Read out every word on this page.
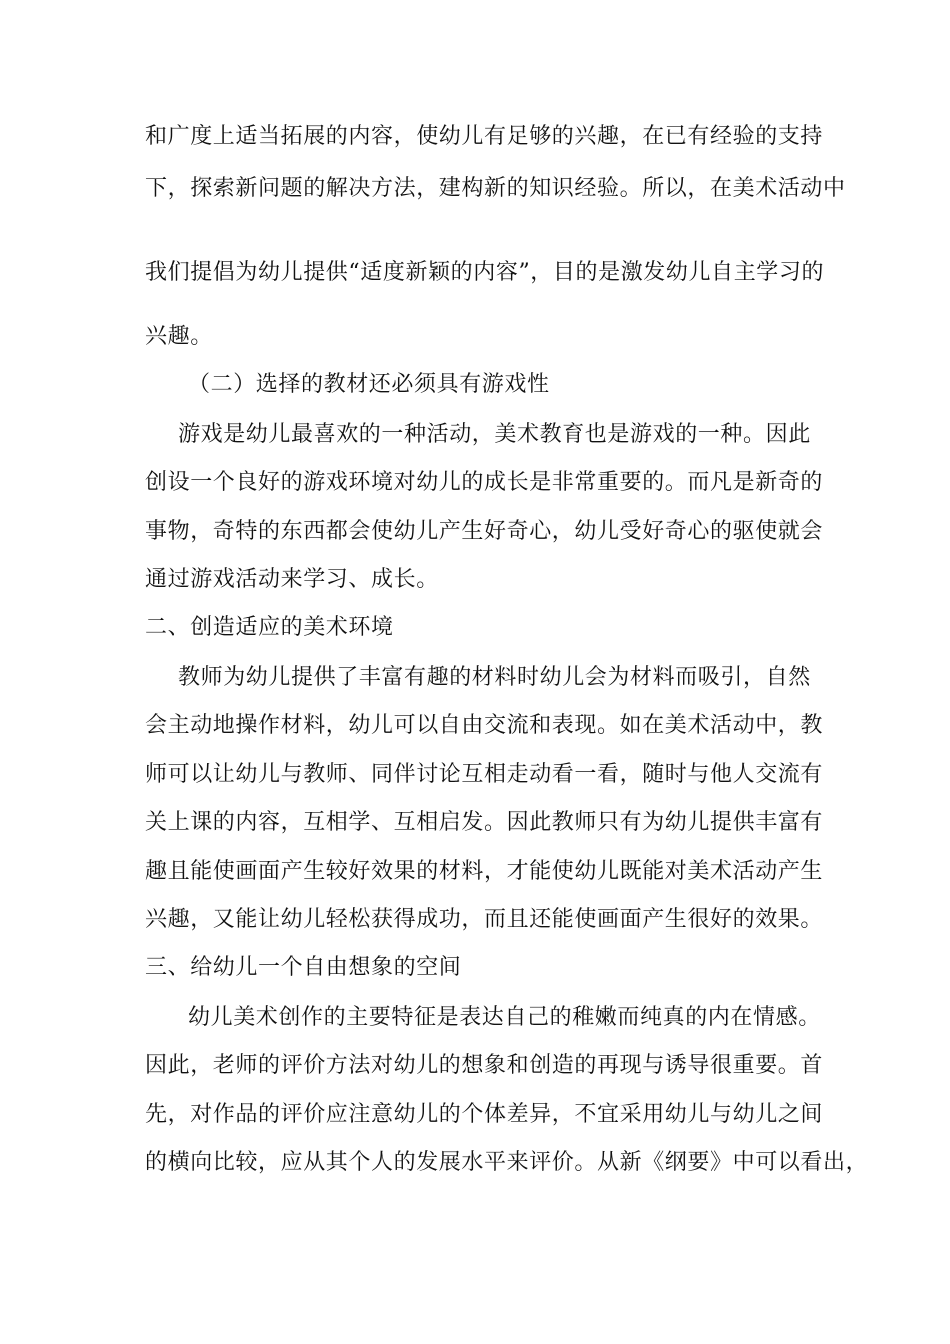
和广度上适当拓展的内容，使幼儿有足够的兴趣，在已有经验的支持
下，探索新问题的解决方法，建构新的知识经验。所以，在美术活动中
我们提倡为幼儿提供“适度新颖的内容”，目的是激发幼儿自主学习的
兴趣。
（二）选择的教材还必须具有游戏性
游戏是幼儿最喜欢的一种活动，美术教育也是游戏的一种。因此
创设一个良好的游戏环境对幼儿的成长是非常重要的。而凡是新奇的
事物，奇特的东西都会使幼儿产生好奇心，幼儿受好奇心的驱使就会
通过游戏活动来学习、成长。
二、创造适应的美术环境
教师为幼儿提供了丰富有趣的材料时幼儿会为材料而吸引，自然
会主动地操作材料，幼儿可以自由交流和表现。如在美术活动中，教
师可以让幼儿与教师、同伴讨论互相走动看一看，随时与他人交流有
关上课的内容，互相学、互相启发。因此教师只有为幼儿提供丰富有
趣且能使画面产生较好效果的材料，才能使幼儿既能对美术活动产生
兴趣，又能让幼儿轻松获得成功，而且还能使画面产生很好的效果。
三、给幼儿一个自由想象的空间
幼儿美术创作的主要特征是表达自己的稚嫩而纯真的内在情感。
因此，老师的评价方法对幼儿的想象和创造的再现与诱导很重要。首
先，对作品的评价应注意幼儿的个体差异，不宜采用幼儿与幼儿之间
的横向比较，应从其个人的发展水平来评价。从新《纲要》中可以看出，
